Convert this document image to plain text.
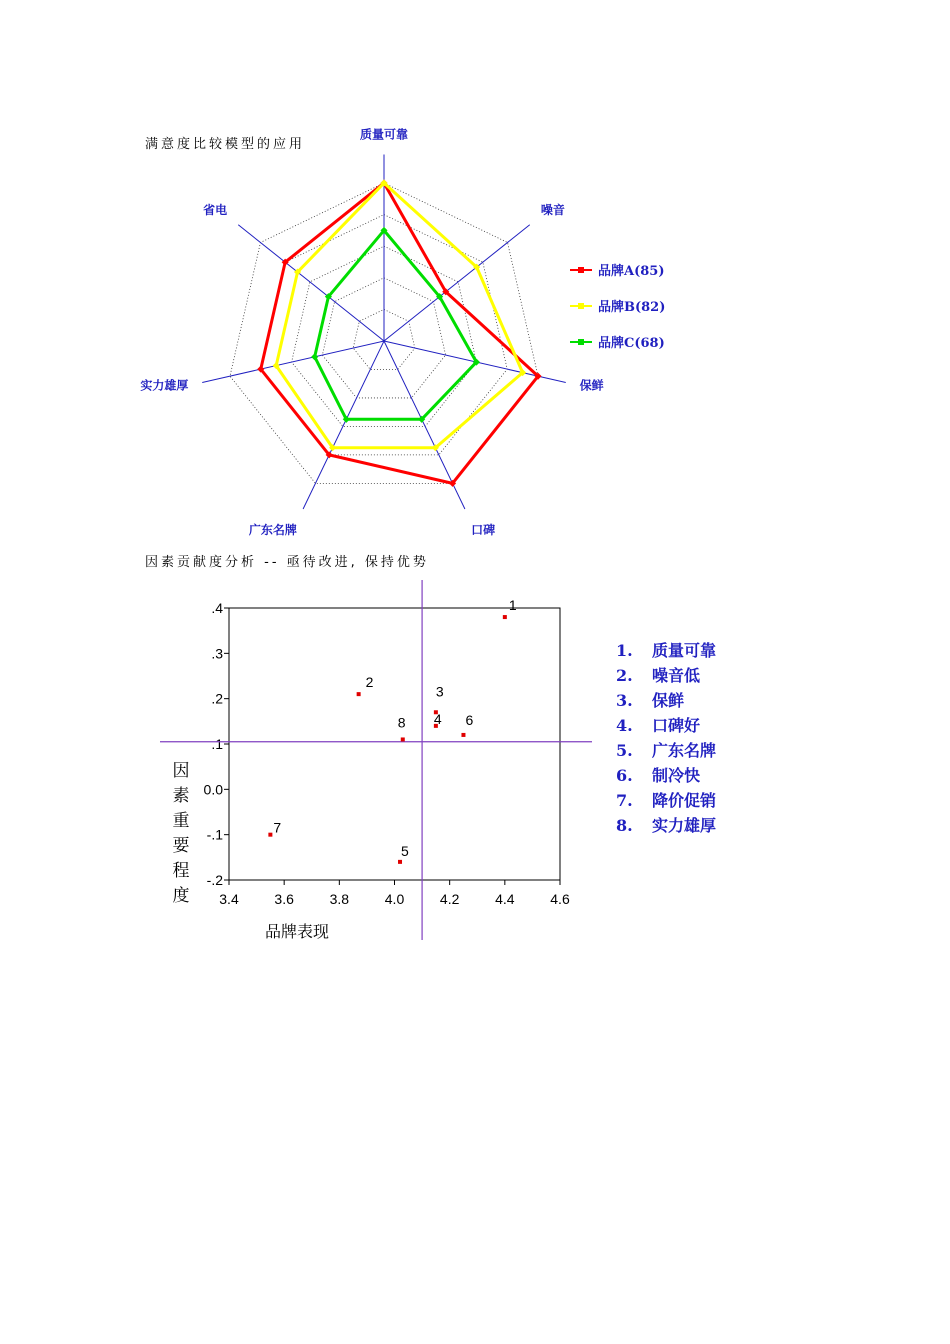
满意度比较模型的应用
质量可靠
噪音
保鲜
口碑
广东名牌
实力雄厚
省电
品牌A(85)
品牌B(82)
品牌C(68)
因素贡献度分析 -- 亟待改进, 保持优势
.4
.3
.2
.1
0.0
-.1
-.2
3.4	3.6	3.8	4.0	4.2	4.4	4.6
1
2
3
4
5
6
7
8
品牌表现
因
素
重
要
程
度
1. 质量可靠
2. 噪音低
3. 保鲜
4. 口碑好
5. 广东名牌
6. 制冷快
7. 降价促销
8. 实力雄厚
